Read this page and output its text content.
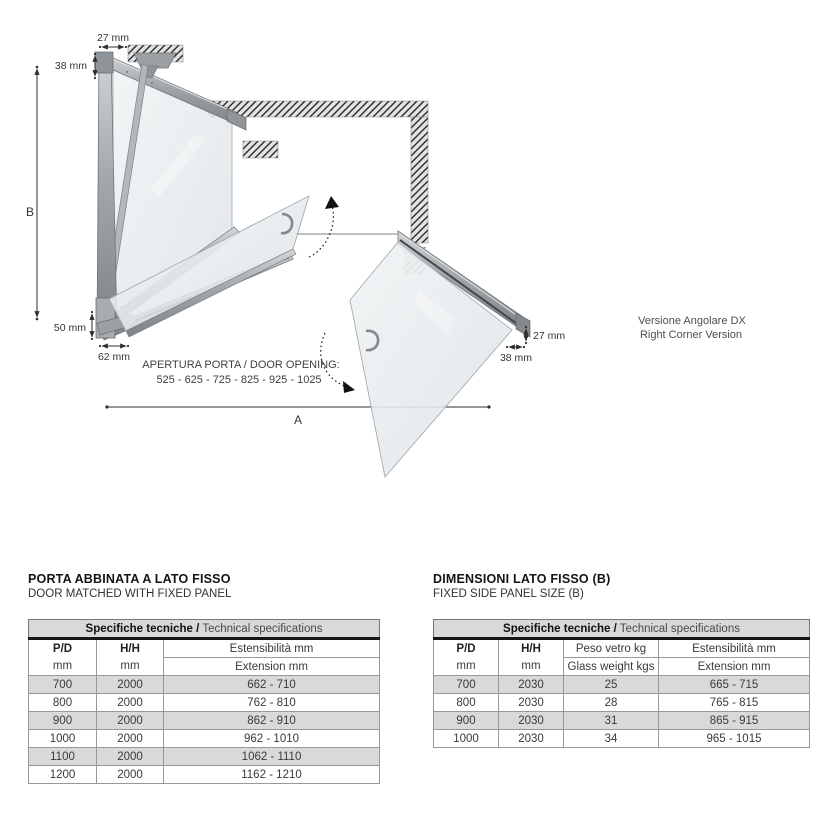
27 mm
38 mm
B
50 mm
62 mm
A
27 mm
38 mm
APERTURA PORTA / DOOR OPENING:
525 - 625 - 725 - 825 - 925 - 1025
Versione Angolare DX
Right Corner Version
PORTA ABBINATA A LATO FISSO
DOOR MATCHED WITH FIXED PANEL
Specifiche tecniche / Technical specifications		
P/D	H/H	Estensibilità mm
mm	mm	Extension mm
700	2000	662 - 710
800	2000	762 - 810
900	2000	862 - 910
1000	2000	962 - 1010
1100	2000	1062 - 1110
1200	2000	1162 - 1210
DIMENSIONI LATO FISSO (B)
FIXED SIDE PANEL SIZE (B)
Specifiche tecniche / Technical specifications			
P/D	H/H	Peso vetro kg	Estensibilità mm
mm	mm	Glass weight kgs	Extension mm
700	2030	25	665 - 715
800	2030	28	765 - 815
900	2030	31	865 - 915
1000	2030	34	965 - 1015
